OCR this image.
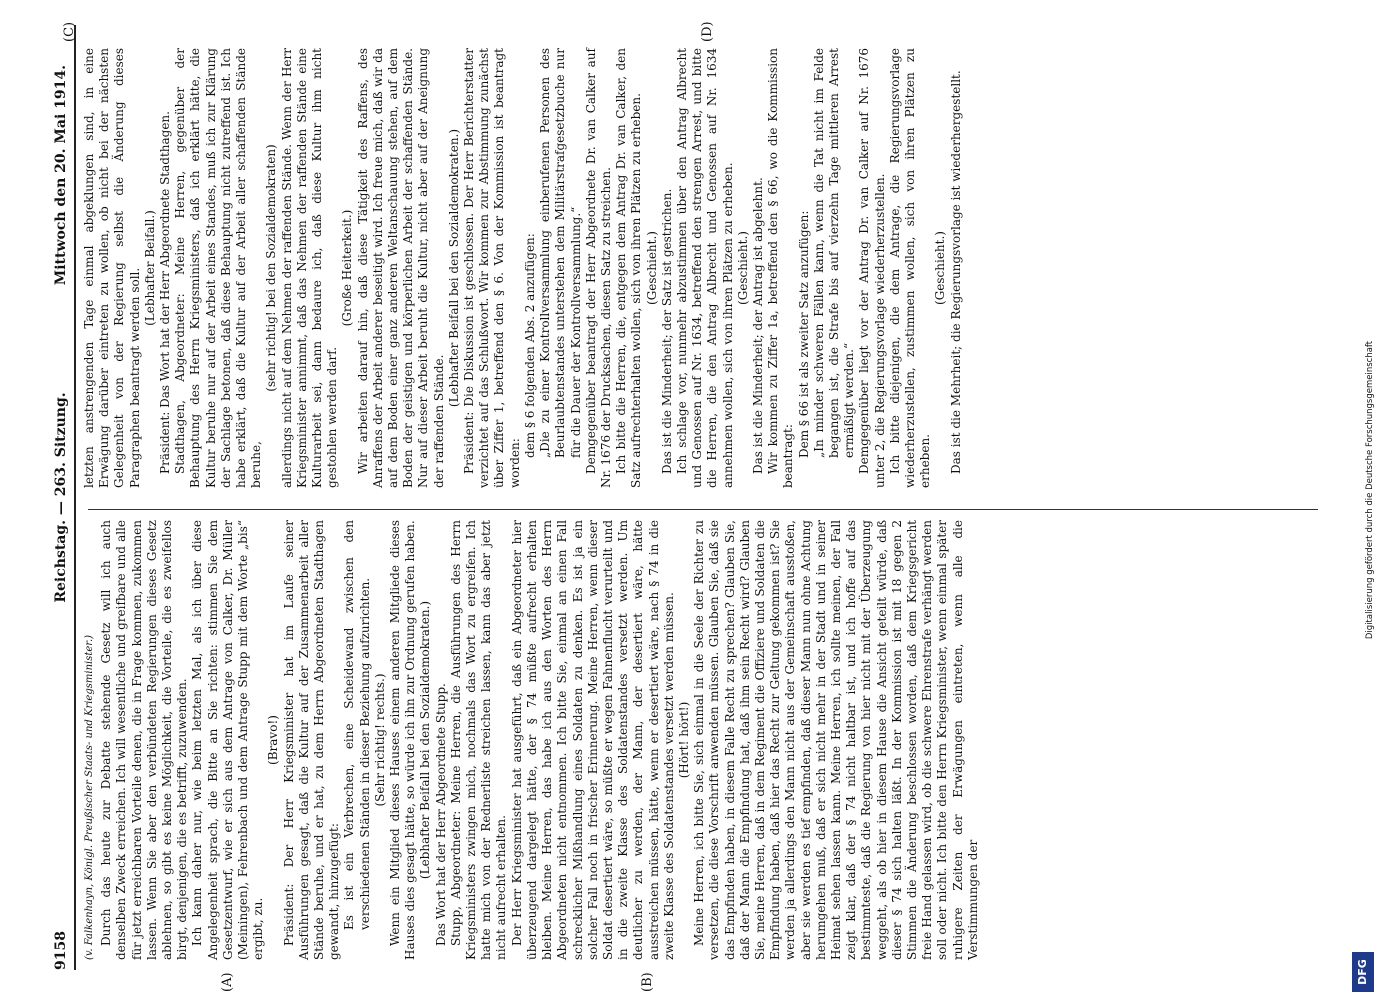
9158
Reichstag. — 263. Sitzung.
Mittwoch den 20. Mai 1914.
(A)	(B)
(C)	(D)
(v. Falkenhayn, Königl. Preußischer Staats- und Kriegsminister.) Durch das heute zur Debatte stehende Gesetz will ich auch denselben Zweck erreichen. Ich will wesentliche und greifbare und alle für jetzt erreichbaren Vorteile denen, die in Frage kommen, zukommen lassen. Wenn Sie aber den verbündeten Regierungen dieses Gesetz ablehnen, so gibt es keine Möglichkeit, die Vorteile, die es zweifellos birgt, denjenigen, die es betrifft, zuzuwenden. Ich kann daher nur, wie beim letzten Mal, als ich über diese Angelegenheit sprach, die Bitte an Sie richten: stimmen Sie dem Gesetzentwurf, wie er sich aus dem Antrage von Calker, Dr. Müller (Meiningen), Fehrenbach und dem Antrage Stupp mit dem Worte „bis“ ergibt, zu.

(Bravo!) Präsident: Der Herr Kriegsminister hat im Laufe seiner Ausführungen gesagt, daß die Kultur auf der Zusammenarbeit aller Stände beruhe, und er hat, zu dem Herrn Abgeordneten Stadthagen gewandt, hinzugefügt: Es ist ein Verbrechen, eine Scheidewand zwischen den verschiedenen Ständen in dieser Beziehung aufzurichten. (Sehr richtig! rechts.) Wenn ein Mitglied dieses Hauses einem anderen Mitgliede dieses Hauses dies gesagt hätte, so würde ich ihn zur Ordnung gerufen haben. (Lebhafter Beifall bei den Sozialdemokraten.) Das Wort hat der Herr Abgeordnete Stupp. Stupp, Abgeordneter: Meine Herren, die Ausführungen des Herrn Kriegsministers zwingen mich, nochmals das Wort zu ergreifen. Ich hatte mich von der Rednerliste streichen lassen, kann das aber jetzt nicht aufrecht erhalten. Der Herr Kriegsminister hat ausgeführt, daß ein Abgeordneter hier überzeugend dargelegt hätte, der § 74 müßte aufrecht erhalten bleiben. Meine Herren, das habe ich aus den Worten des Herrn Abgeordneten nicht entnommen. Ich bitte Sie, einmal an einen Fall schrecklicher Mißhandlung eines Soldaten zu denken. Es ist ja ein solcher Fall noch in frischer Erinnerung. Meine Herren, wenn dieser Soldat desertiert wäre, so müßte er wegen Fahnenflucht verurteilt und in die zweite Klasse des Soldatenstandes versetzt werden. Um deutlicher zu werden, der Mann, der desertiert wäre, hätte ausstreichen müssen, hätte, wenn er desertiert wäre, nach § 74 in die zweite Klasse des Soldatenstandes versetzt werden müssen. (Hört! hört!) Meine Herren, ich bitte Sie, sich einmal in die Seele der Richter zu versetzen, die diese Vorschrift anwenden müssen. Glauben Sie, daß sie das Empfinden haben, in diesem Falle Recht zu sprechen? Glauben Sie, daß der Mann die Empfindung hat, daß ihm sein Recht wird? Glauben Sie, meine Herren, daß in dem Regiment die Offiziere und Soldaten die Empfindung haben, daß hier das Recht zur Geltung gekommen ist? Sie werden ja allerdings den Mann nicht aus der Gemeinschaft ausstoßen, aber sie werden es tief empfinden, daß dieser Mann nun ohne Achtung herumgehen muß, daß er sich nicht mehr in der Stadt und in seiner Heimat sehen lassen kann. Meine Herren, ich sollte meinen, der Fall zeigt klar, daß der § 74 nicht haltbar ist, und ich hoffe auf das bestimmteste, daß die Regierung von hier nicht mit der Überzeugung weggeht, als ob hier in diesem Hause die Ansicht geteilt würde, daß dieser § 74 sich halten läßt. In der Kommission ist mit 18 gegen 2 Stimmen die Änderung beschlossen worden, daß dem Kriegsgericht freie Hand gelassen wird, ob die schwere Ehrenstrafe verhängt werden soll oder nicht. Ich bitte den Herrn Kriegsminister, wenn einmal später ruhigere Zeiten der Erwägungen eintreten, wenn alle die Verstimmungen der

letzten anstrengenden Tage einmal abgeklungen sind, in eine Erwägung darüber eintreten zu wollen, ob nicht bei der nächsten Gelegenheit von der Regierung selbst die Änderung dieses Paragraphen beantragt werden soll. (Lebhafter Beifall.) Präsident: Das Wort hat der Herr Abgeordnete Stadthagen. Stadthagen, Abgeordneter: Meine Herren, gegenüber der Behauptung des Herrn Kriegsministers, daß ich erklärt hätte, die Kultur beruhe nur auf der Arbeit eines Standes, muß ich zur Klärung der Sachlage betonen, daß diese Behauptung nicht zutreffend ist. Ich habe erklärt, daß die Kultur auf der Arbeit aller schaffenden Stände beruhe,

(sehr richtig! bei den Sozialdemokraten) allerdings nicht auf dem Nehmen der raffenden Stände. Wenn der Herr Kriegsminister annimmt, daß das Nehmen der raffenden Stände eine Kulturarbeit sei, dann bedaure ich, daß diese Kultur ihm nicht gestohlen werden darf.

(Große Heiterkeit.) Wir arbeiten darauf hin, daß diese Tätigkeit des Raffens, des Anraffens der Arbeit anderer beseitigt wird. Ich freue mich, daß wir da auf dem Boden einer ganz anderen Weltanschauung stehen, auf dem Boden der geistigen und körperlichen Arbeit der schaffenden Stände. Nur auf dieser Arbeit beruht die Kultur, nicht aber auf der Aneignung der raffenden Stände.

(Lebhafter Beifall bei den Sozialdemokraten.) Präsident: Die Diskussion ist geschlossen. Der Herr Berichterstatter verzichtet auf das Schlußwort. Wir kommen zur Abstimmung zunächst über Ziffer 1, betreffend den § 6. Von der Kommission ist beantragt worden:

dem § 6 folgenden Abs. 2 anzufügen: „Die zu einer Kontrollversammlung einberufenen Personen des Beurlaubtenstandes unterstehen dem Militärstrafgesetzbuche nur für die Dauer der Kontrollversammlung.“ Demgegenüber beantragt der Herr Abgeordnete Dr. van Calker auf Nr. 1676 der Drucksachen, diesen Satz zu streichen. Ich bitte die Herren, die, entgegen dem Antrag Dr. van Calker, den Satz aufrechterhalten wollen, sich von ihren Plätzen zu erheben. (Geschieht.) Das ist die Minderheit; der Satz ist gestrichen. Ich schlage vor, nunmehr abzustimmen über den Antrag Albrecht und Genossen auf Nr. 1634, betreffend den strengen Arrest, und bitte die Herren, die den Antrag Albrecht und Genossen auf Nr. 1634 annehmen wollen, sich von ihren Plätzen zu erheben. (Geschieht.) Das ist die Minderheit; der Antrag ist abgelehnt. Wir kommen zu Ziffer 1a, betreffend den § 66, wo die Kommission beantragt: Dem § 66 ist als zweiter Satz anzufügen: „In minder schweren Fällen kann, wenn die Tat nicht im Felde begangen ist, die Strafe bis auf vierzehn Tage mittleren Arrest ermäßigt werden.“ Demgegenüber liegt vor der Antrag Dr. van Calker auf Nr. 1676 unter 2, die Regierungsvorlage wiederherzustellen. Ich bitte diejenigen, die dem Antrage, die Regierungsvorlage wiederherzustellen, zustimmen wollen, sich von ihren Plätzen zu erheben.

(Geschieht.) Das ist die Mehrheit; die Regierungsvorlage ist wiederhergestellt.

DFG
Digitalisierung gefördert durch die Deutsche Forschungsgemeinschaft
